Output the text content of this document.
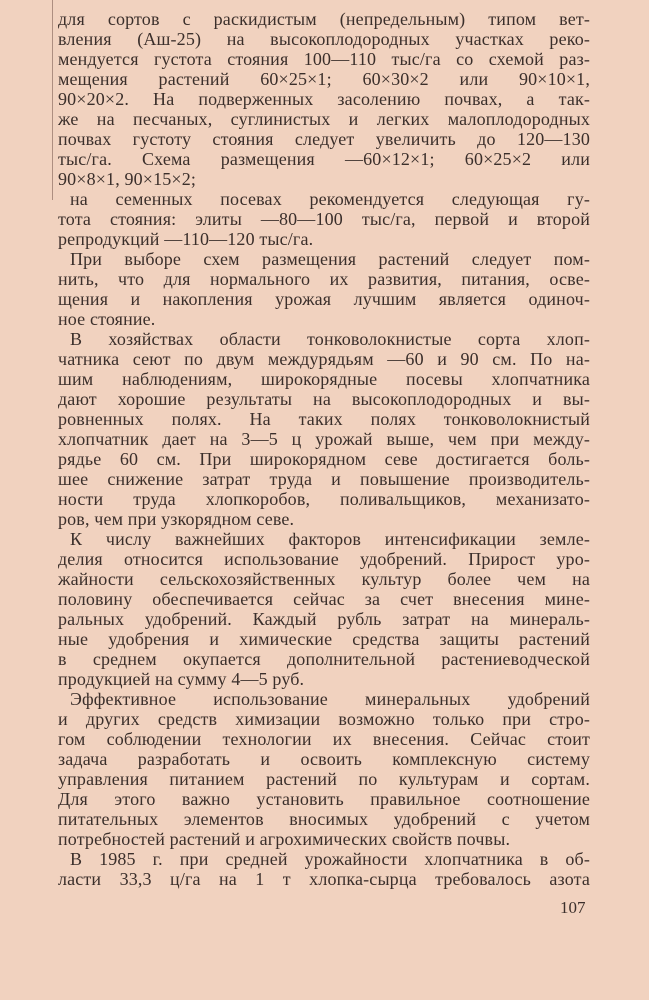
для сортов с раскидистым (непредельным) типом вет-
вления (Аш-25) на высокоплодородных участках реко-
мендуется густота стояния 100—110 тыс/га со схемой раз-
мещения растений 60×25×1; 60×30×2 или 90×10×1,
90×20×2. На подверженных засолению почвах, а так-
же на песчаных, суглинистых и легких малоплодородных
почвах густоту стояния следует увеличить до 120—130
тыс/га. Схема размещения —60×12×1; 60×25×2 или
90×8×1, 90×15×2;
на семенных посевах рекомендуется следующая гу-
тота стояния: элиты —80—100 тыс/га, первой и второй
репродукций —110—120 тыс/га.
При выборе схем размещения растений следует пом-
нить, что для нормального их развития, питания, осве-
щения и накопления урожая лучшим является одиноч-
ное стояние.
В хозяйствах области тонковолокнистые сорта хлоп-
чатника сеют по двум междурядьям —60 и 90 см. По на-
шим наблюдениям, широкорядные посевы хлопчатника
дают хорошие результаты на высокоплодородных и вы-
ровненных полях. На таких полях тонковолокнистый
хлопчатник дает на 3—5 ц урожай выше, чем при между-
рядье 60 см. При широкорядном севе достигается боль-
шее снижение затрат труда и повышение производитель-
ности труда хлопкоробов, поливальщиков, механизато-
ров, чем при узкорядном севе.
К числу важнейших факторов интенсификации земле-
делия относится использование удобрений. Прирост уро-
жайности сельскохозяйственных культур более чем на
половину обеспечивается сейчас за счет внесения мине-
ральных удобрений. Каждый рубль затрат на минераль-
ные удобрения и химические средства защиты растений
в среднем окупается дополнительной растениеводческой
продукцией на сумму 4—5 руб.
Эффективное использование минеральных удобрений
и других средств химизации возможно только при стро-
гом соблюдении технологии их внесения. Сейчас стоит
задача разработать и освоить комплексную систему
управления питанием растений по культурам и сортам.
Для этого важно установить правильное соотношение
питательных элементов вносимых удобрений с учетом
потребностей растений и агрохимических свойств почвы.
В 1985 г. при средней урожайности хлопчатника в об-
ласти 33,3 ц/га на 1 т хлопка-сырца требовалось азота
107
